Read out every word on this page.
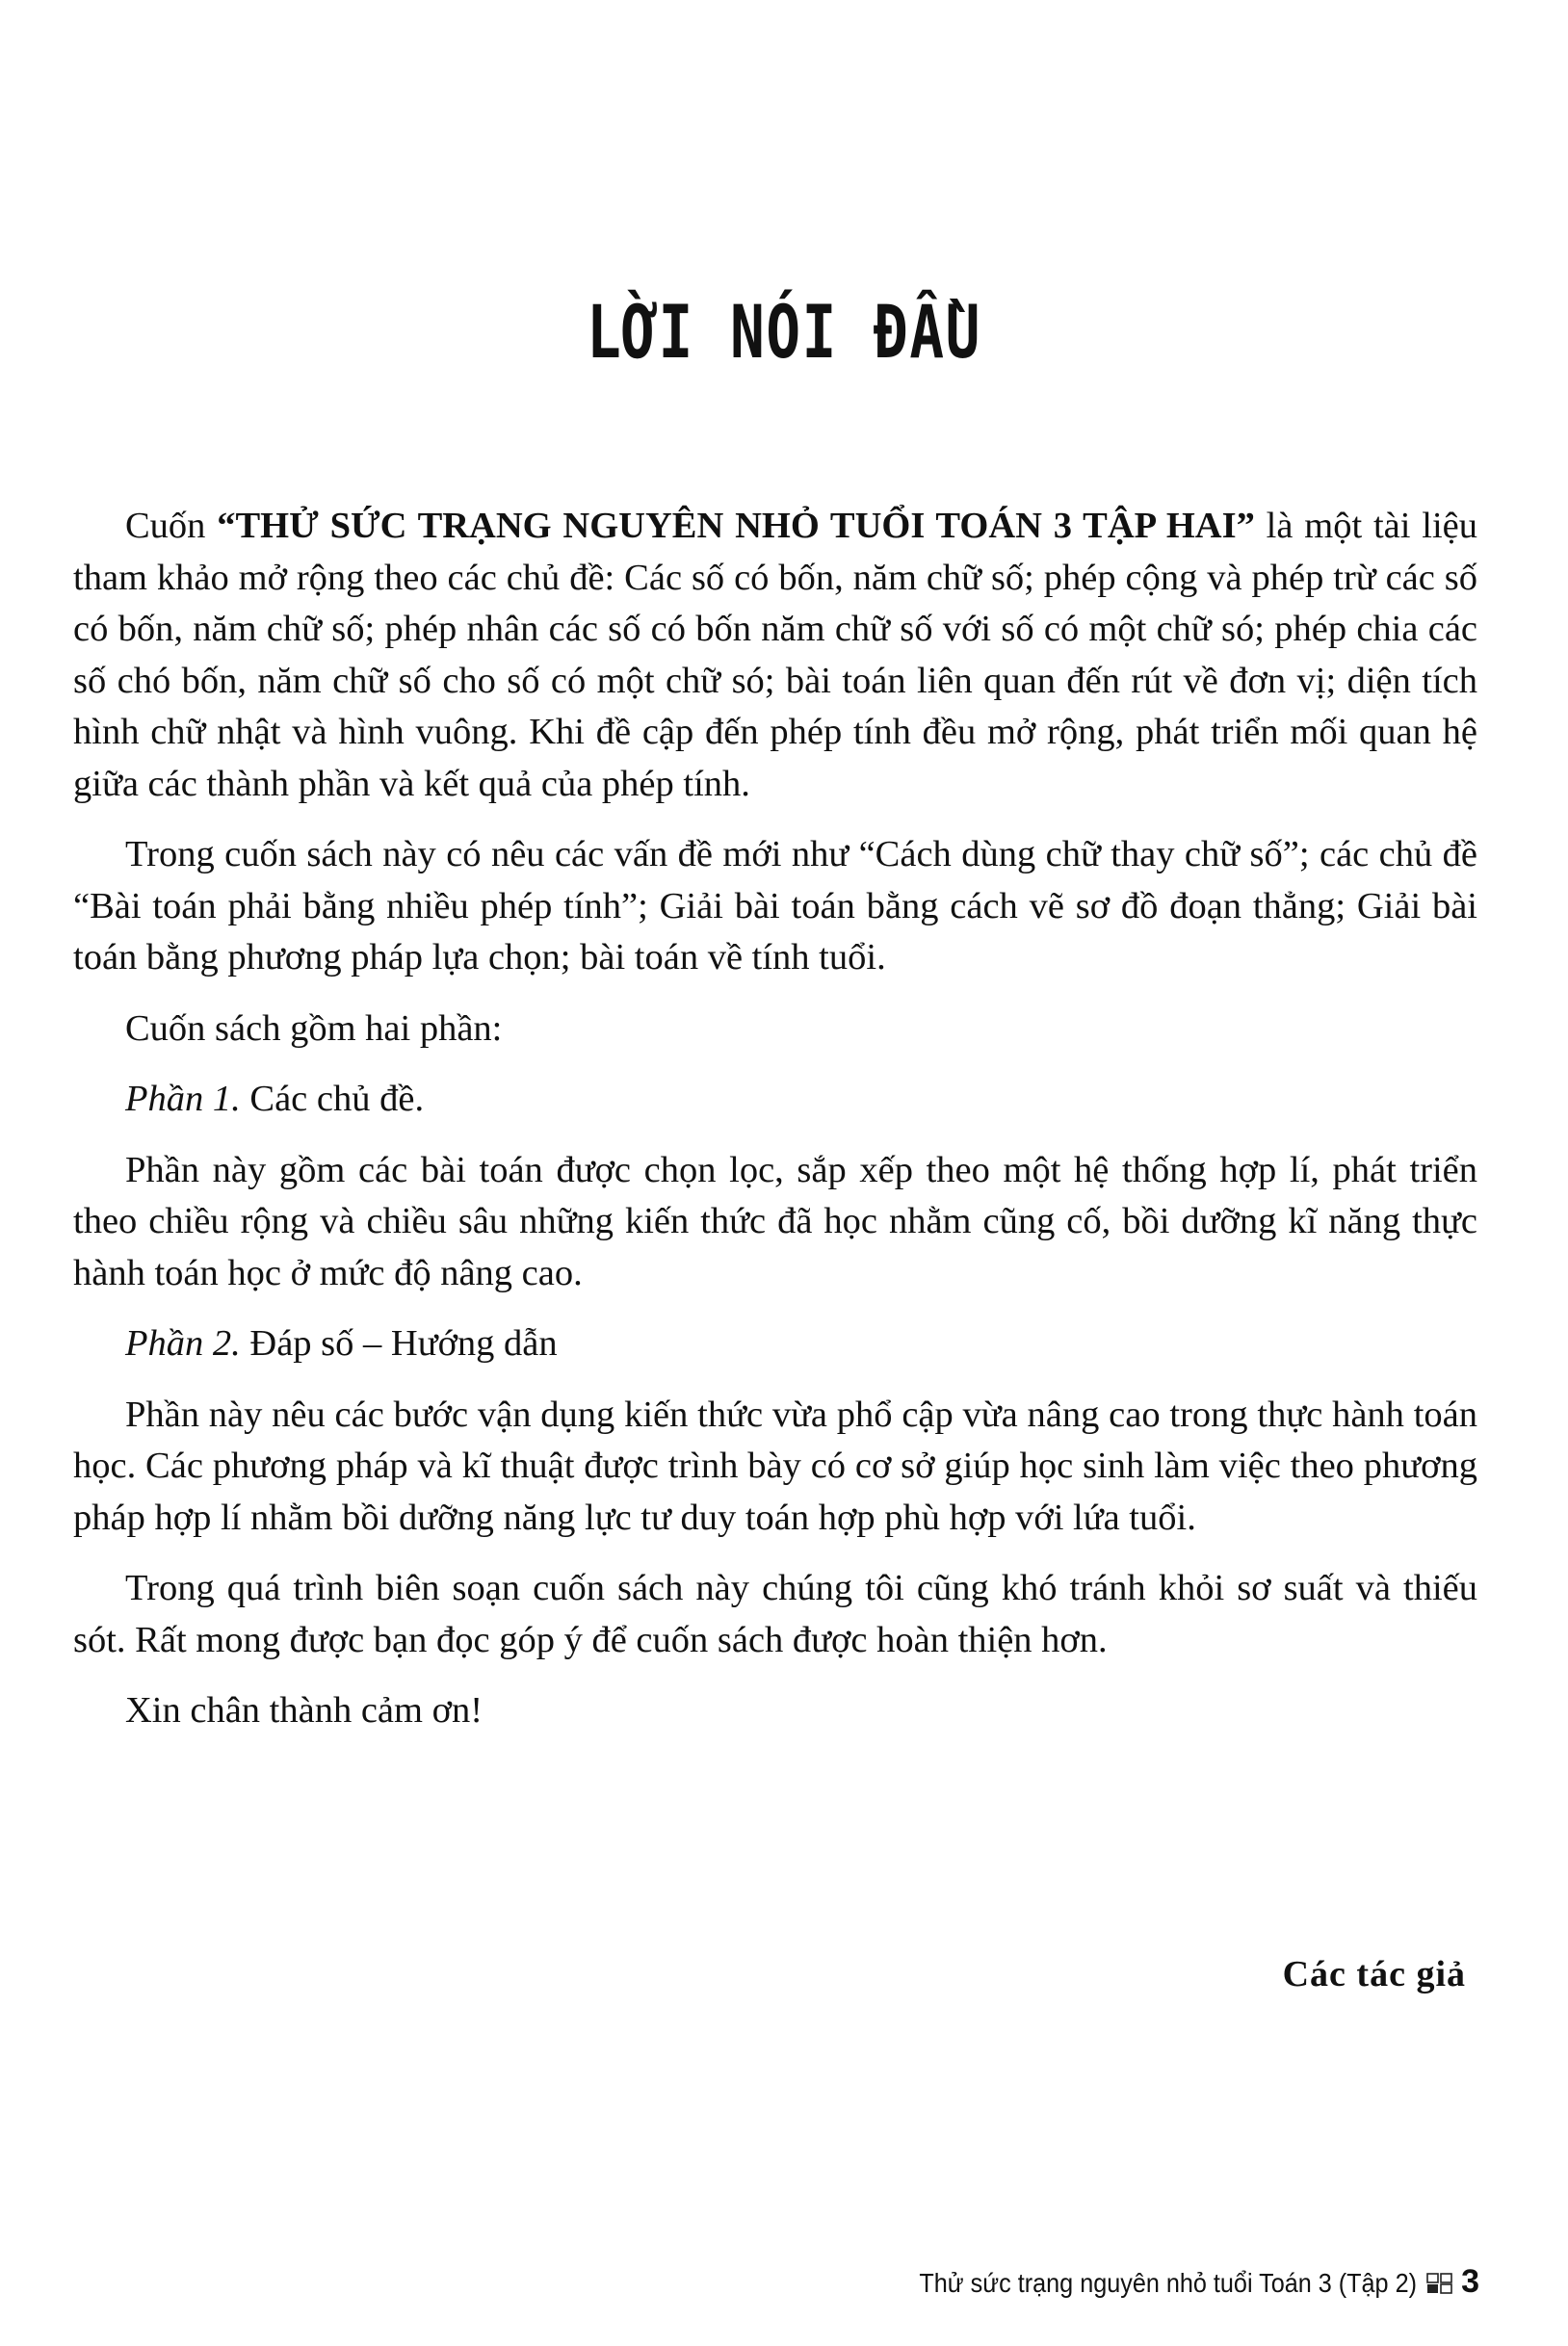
LỜI NÓI ĐẦU

Cuốn “THỬ SỨC TRẠNG NGUYÊN NHỎ TUỔI TOÁN 3 TẬP HAI” là một tài liệu tham khảo mở rộng theo các chủ đề: Các số có bốn, năm chữ số; phép cộng và phép trừ các số có bốn, năm chữ số; phép nhân các số có bốn năm chữ số với số có một chữ só; phép chia các số chó bốn, năm chữ số cho số có một chữ só; bài toán liên quan đến rút về đơn vị; diện tích hình chữ nhật và hình vuông. Khi đề cập đến phép tính đều mở rộng, phát triển mối quan hệ giữa các thành phần và kết quả của phép tính.

Trong cuốn sách này có nêu các vấn đề mới như “Cách dùng chữ thay chữ số”; các chủ đề “Bài toán phải bằng nhiều phép tính”; Giải bài toán bằng cách vẽ sơ đồ đoạn thẳng; Giải bài toán bằng phương pháp lựa chọn; bài toán về tính tuổi.

Cuốn sách gồm hai phần:

Phần 1. Các chủ đề.

Phần này gồm các bài toán được chọn lọc, sắp xếp theo một hệ thống hợp lí, phát triển theo chiều rộng và chiều sâu những kiến thức đã học nhằm cũng cố, bồi dưỡng kĩ năng thực hành toán học ở mức độ nâng cao.

Phần 2. Đáp số – Hướng dẫn

Phần này nêu các bước vận dụng kiến thức vừa phổ cập vừa nâng cao trong thực hành toán học. Các phương pháp và kĩ thuật được trình bày có cơ sở giúp học sinh làm việc theo phương pháp hợp lí nhằm bồi dưỡng năng lực tư duy toán hợp phù hợp với lứa tuổi.

Trong quá trình biên soạn cuốn sách này chúng tôi cũng khó tránh khỏi sơ suất và thiếu sót. Rất mong được bạn đọc góp ý để cuốn sách được hoàn thiện hơn.

Xin chân thành cảm ơn!

Các tác giả
Thử sức trạng nguyên nhỏ tuổi Toán 3 (Tập 2) 3
